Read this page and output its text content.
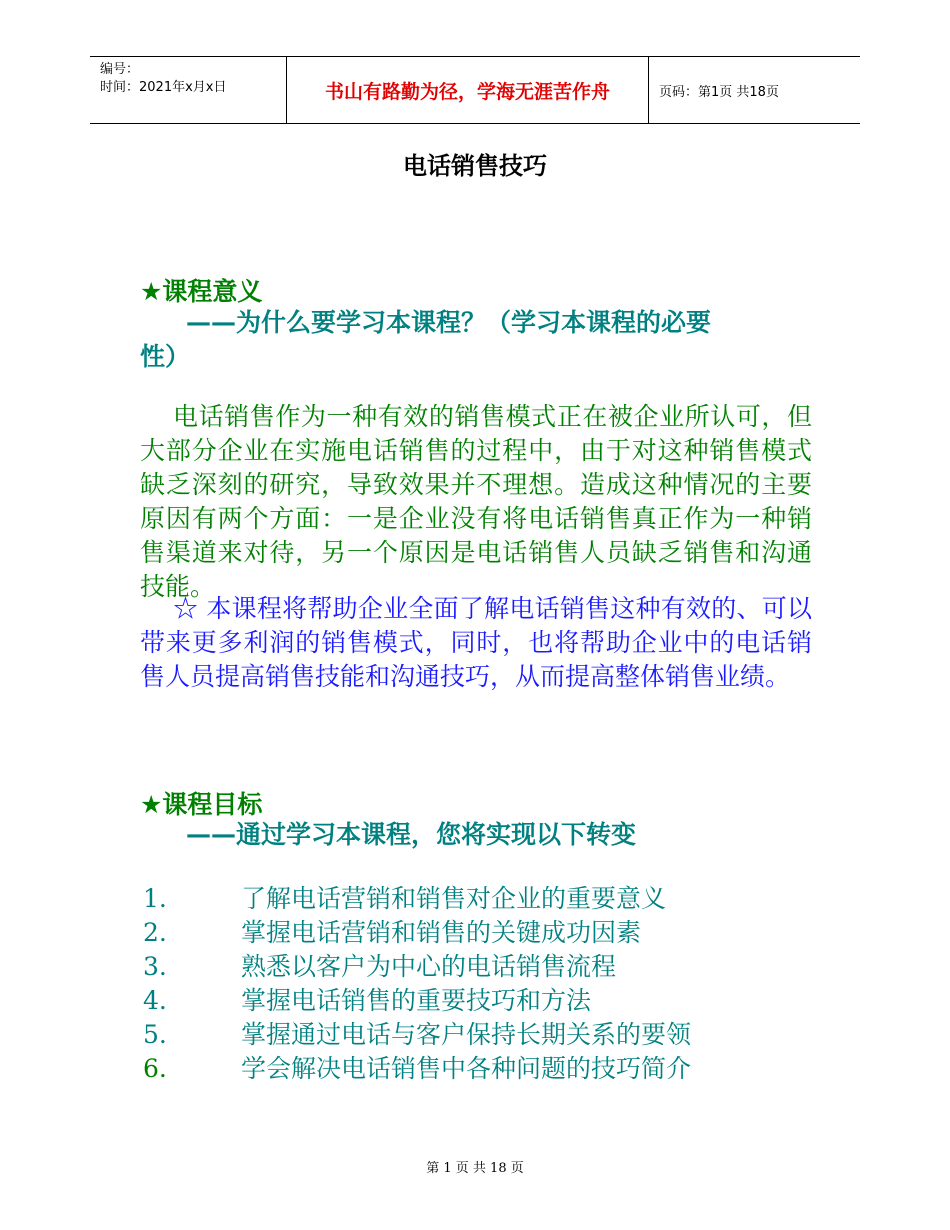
编号：
时间：2021年x月x日	书山有路勤为径，学海无涯苦作舟	页码：第1页 共18页
电话销售技巧
★课程意义
——为什么要学习本课程？（学习本课程的必要
性）
电话销售作为一种有效的销售模式正在被企业所认可，但大部分企业在实施电话销售的过程中，由于对这种销售模式缺乏深刻的研究，导致效果并不理想。造成这种情况的主要原因有两个方面：一是企业没有将电话销售真正作为一种销售渠道来对待，另一个原因是电话销售人员缺乏销售和沟通技能。
☆ 本课程将帮助企业全面了解电话销售这种有效的、可以带来更多利润的销售模式，同时，也将帮助企业中的电话销售人员提高销售技能和沟通技巧，从而提高整体销售业绩。
★课程目标
——通过学习本课程，您将实现以下转变
1.	了解电话营销和销售对企业的重要意义
2.	掌握电话营销和销售的关键成功因素
3.	熟悉以客户为中心的电话销售流程
4.	掌握电话销售的重要技巧和方法
5.	掌握通过电话与客户保持长期关系的要领
6.	学会解决电话销售中各种问题的技巧简介
第 1 页 共 18 页
